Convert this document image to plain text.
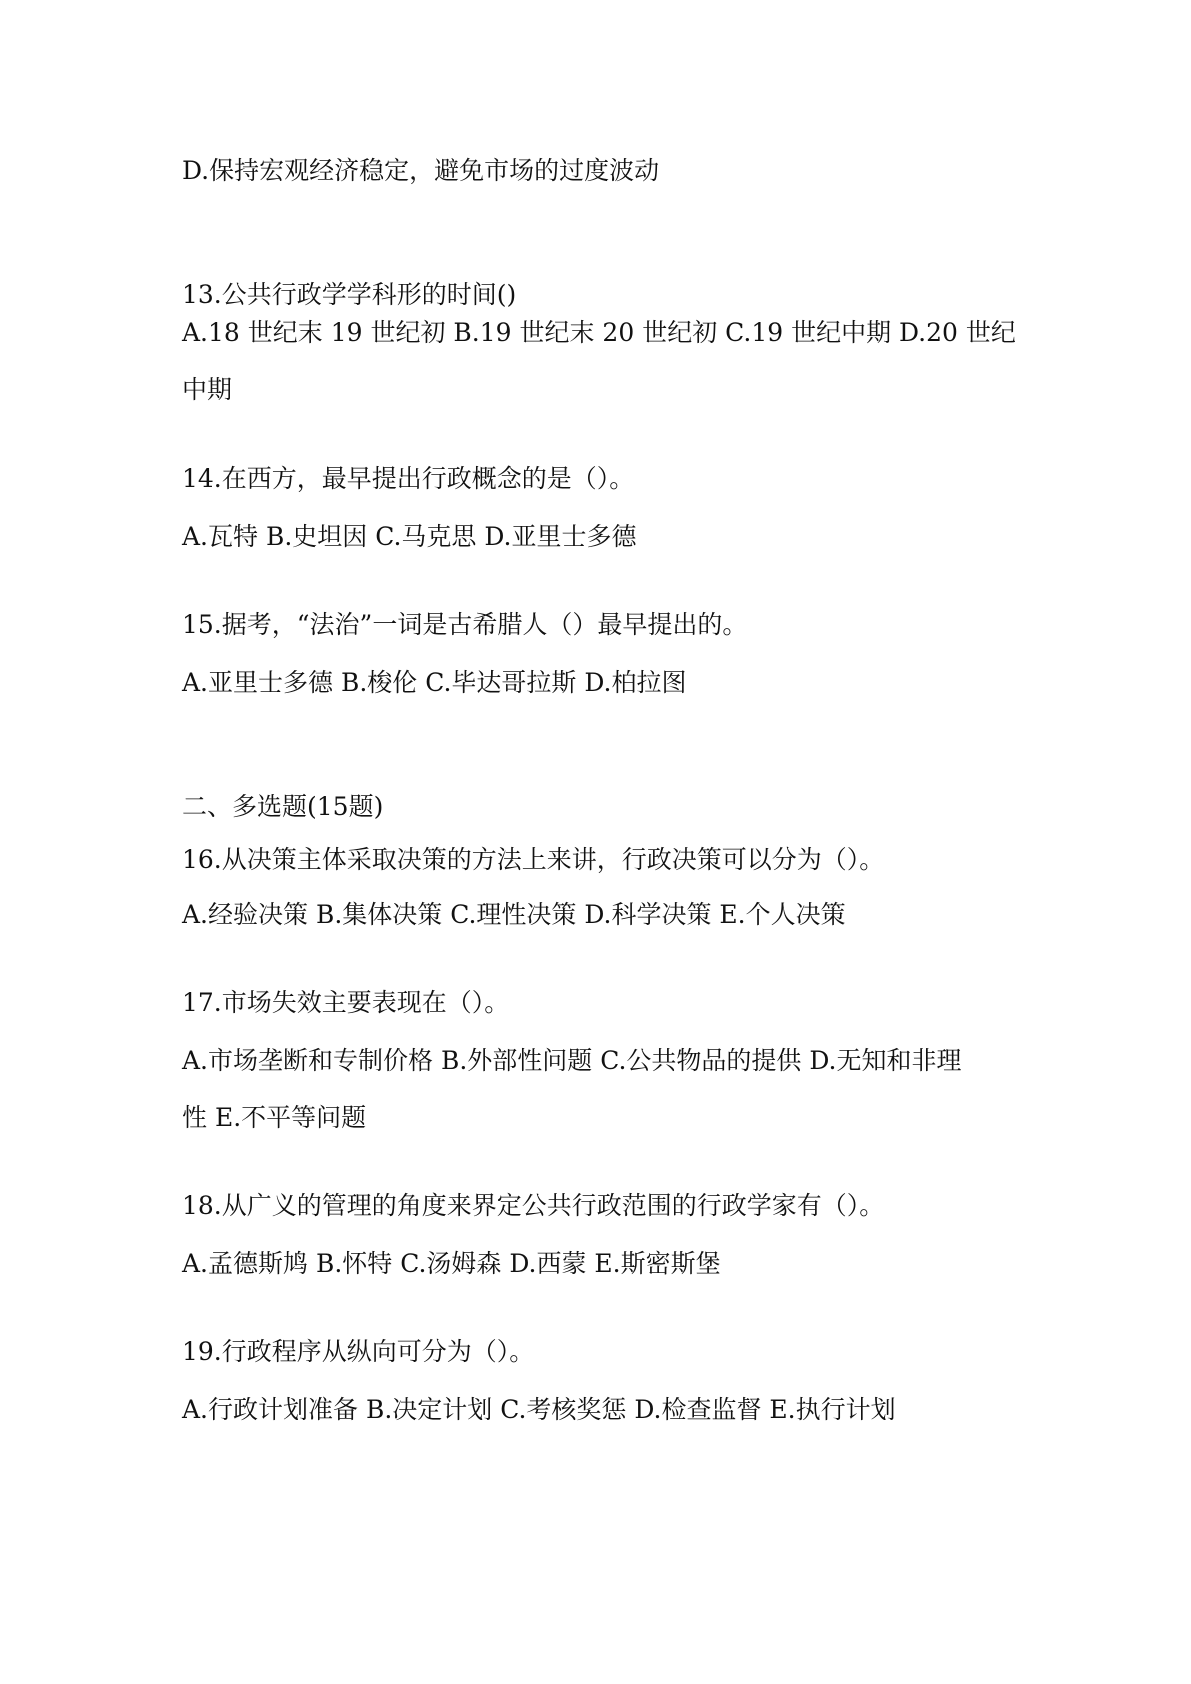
D.保持宏观经济稳定，避免市场的过度波动
13.公共行政学学科形的时间()
A.18 世纪末 19 世纪初 B.19 世纪末 20 世纪初 C.19 世纪中期 D.20 世纪
中期
14.在西方，最早提出行政概念的是（）。
A.瓦特 B.史坦因 C.马克思 D.亚里士多德
15.据考，“法治”一词是古希腊人（）最早提出的。
A.亚里士多德 B.梭伦 C.毕达哥拉斯 D.柏拉图
二、多选题(15题)
16.从决策主体采取决策的方法上来讲，行政决策可以分为（）。
A.经验决策 B.集体决策 C.理性决策 D.科学决策 E.个人决策
17.市场失效主要表现在（）。
A.市场垄断和专制价格 B.外部性问题 C.公共物品的提供 D.无知和非理
性 E.不平等问题
18.从广义的管理的角度来界定公共行政范围的行政学家有（）。
A.孟德斯鸠 B.怀特 C.汤姆森 D.西蒙 E.斯密斯堡
19.行政程序从纵向可分为（）。
A.行政计划准备 B.决定计划 C.考核奖惩 D.检查监督 E.执行计划
